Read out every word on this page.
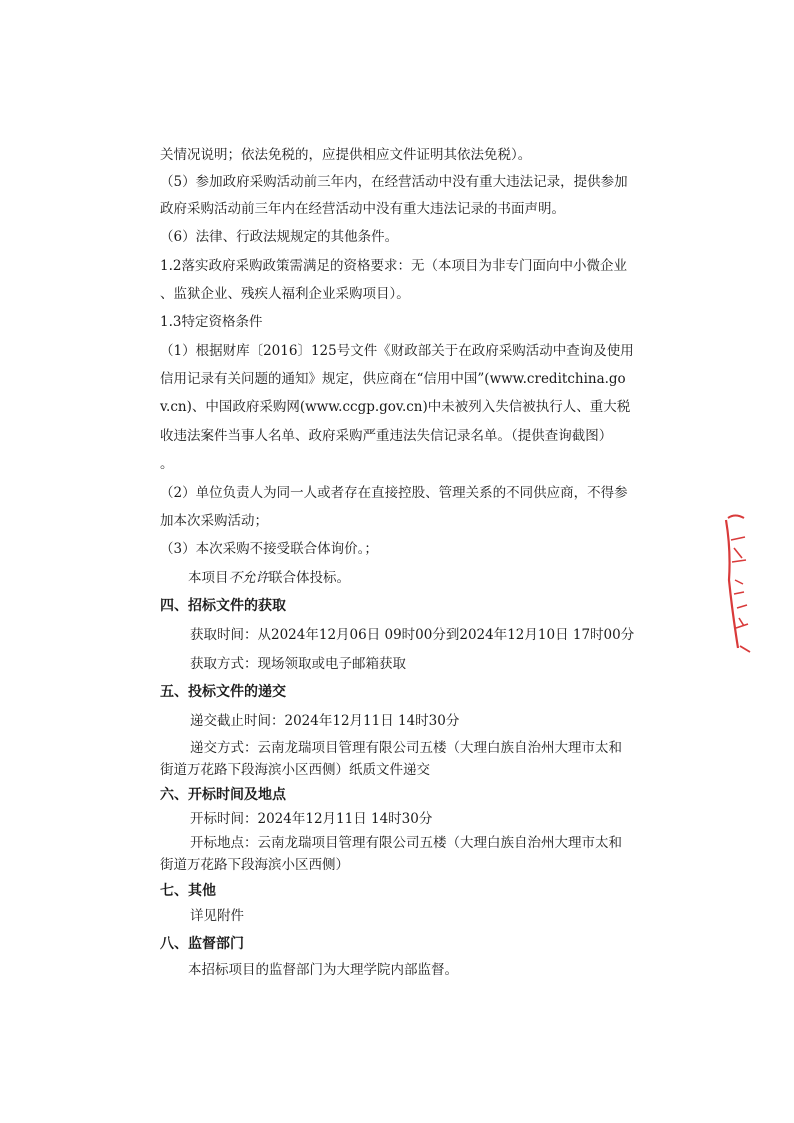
关情况说明；依法免税的，应提供相应文件证明其依法免税）。
（5）参加政府采购活动前三年内，在经营活动中没有重大违法记录，提供参加
政府采购活动前三年内在经营活动中没有重大违法记录的书面声明。
（6）法律、行政法规规定的其他条件。
1.2落实政府采购政策需满足的资格要求：无（本项目为非专门面向中小微企业
、监狱企业、残疾人福利企业采购项目）。
1.3特定资格条件
（1）根据财库〔2016〕125号文件《财政部关于在政府采购活动中查询及使用
信用记录有关问题的通知》规定，供应商在“信用中国”(www.creditchina.go
v.cn)、中国政府采购网(www.ccgp.gov.cn)中未被列入失信被执行人、重大税
收违法案件当事人名单、政府采购严重违法失信记录名单。（提供查询截图）
。
（2）单位负责人为同一人或者存在直接控股、管理关系的不同供应商，不得参
加本次采购活动；
（3）本次采购不接受联合体询价。；
本项目不允许联合体投标。
四、招标文件的获取
获取时间：从2024年12月06日 09时00分到2024年12月10日 17时00分
获取方式：现场领取或电子邮箱获取
五、投标文件的递交
递交截止时间：2024年12月11日 14时30分
递交方式：云南龙瑞项目管理有限公司五楼（大理白族自治州大理市太和
街道万花路下段海滨小区西侧）纸质文件递交
六、开标时间及地点
开标时间：2024年12月11日 14时30分
开标地点：云南龙瑞项目管理有限公司五楼（大理白族自治州大理市太和
街道万花路下段海滨小区西侧）
七、其他
详见附件
八、监督部门
本招标项目的监督部门为大理学院内部监督。
